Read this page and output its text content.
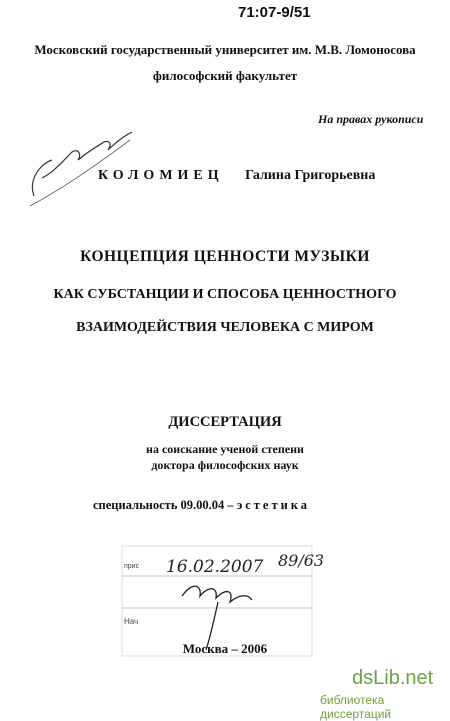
71:07-9/51
Московский государственный университет им. М.В. Ломоносова
философский факультет
На правах рукописи
КОЛОМИЕЦ Галина Григорьевна
КОНЦЕПЦИЯ ЦЕННОСТИ МУЗЫКИ
КАК СУБСТАНЦИИ И СПОСОБА ЦЕННОСТНОГО
ВЗАИМОДЕЙСТВИЯ ЧЕЛОВЕКА С МИРОМ
ДИССЕРТАЦИЯ
на соискание ученой степени
доктора философских наук
специальность 09.00.04 – эстетика
прис
Нач
16.02.2007 89/63
Москва – 2006
dsLib.net
библиотека диссертаций
